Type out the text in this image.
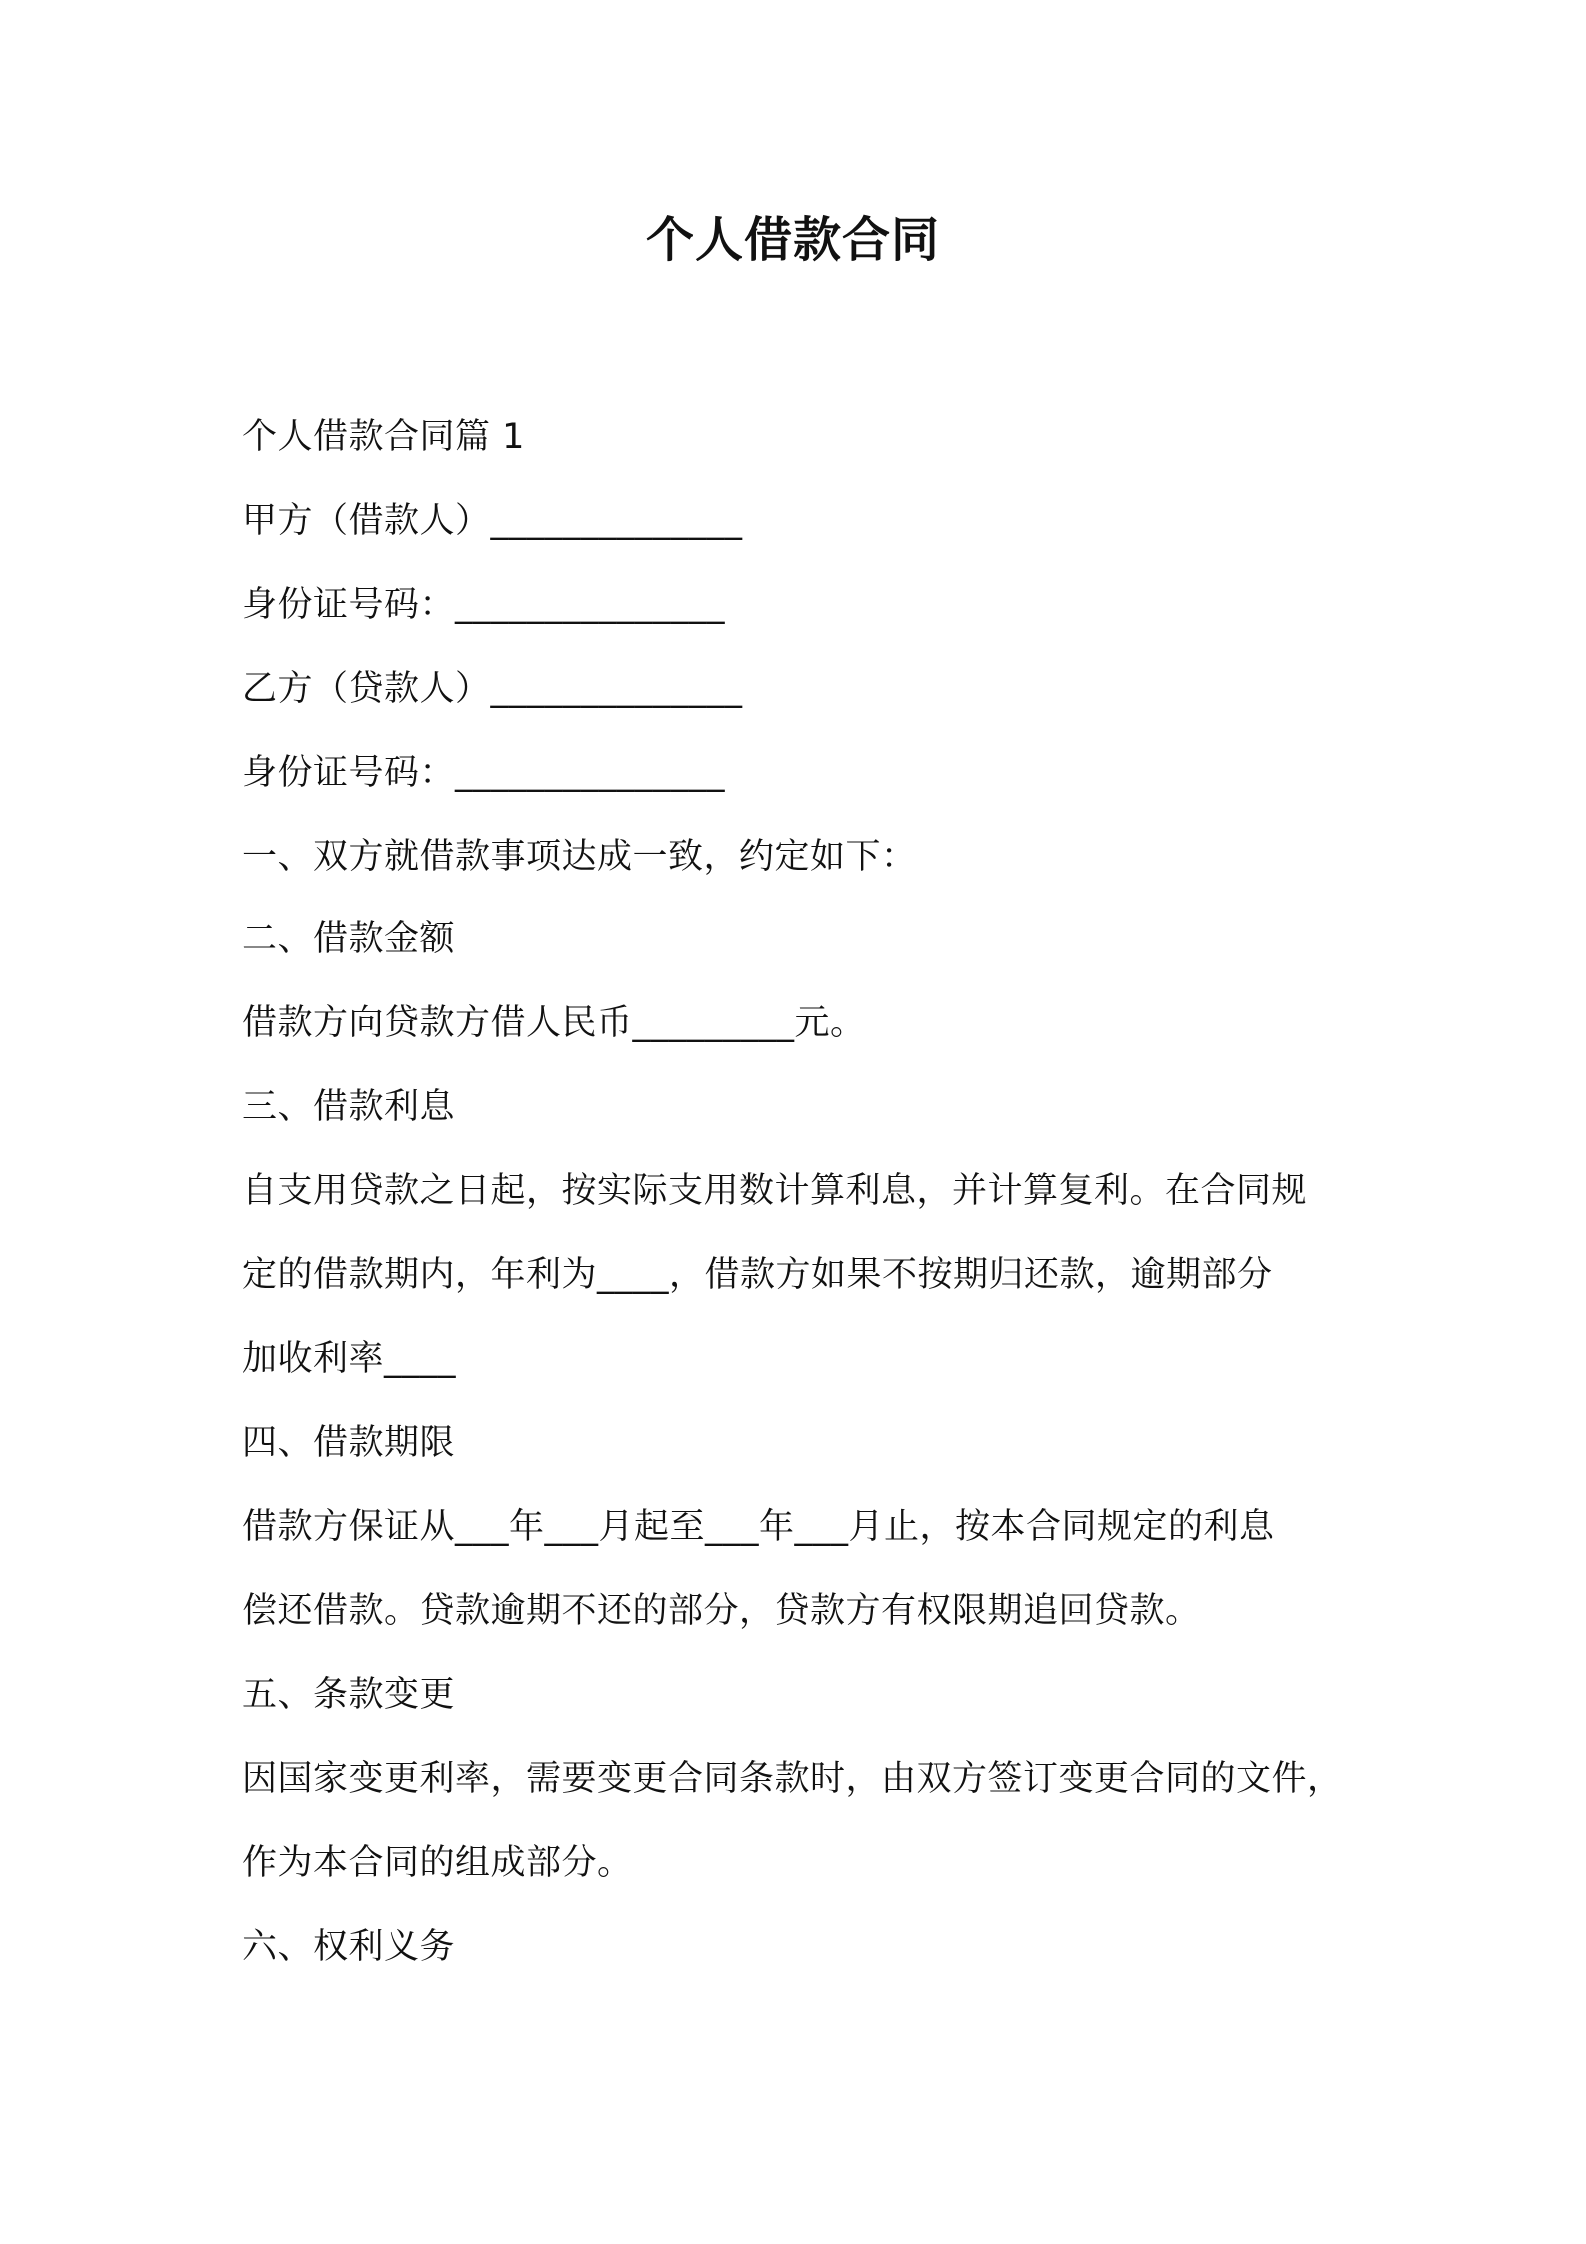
个人借款合同
个人借款合同篇 1
甲方（借款人）______________
身份证号码：_______________
乙方（贷款人）______________
身份证号码：_______________
一、双方就借款事项达成一致，约定如下：
二、借款金额
借款方向贷款方借人民币_________元。
三、借款利息
自支用贷款之日起，按实际支用数计算利息，并计算复利。在合同规
定的借款期内，年利为____，借款方如果不按期归还款，逾期部分
加收利率____
四、借款期限
借款方保证从___年___月起至___年___月止，按本合同规定的利息
偿还借款。贷款逾期不还的部分，贷款方有权限期追回贷款。
五、条款变更
因国家变更利率，需要变更合同条款时，由双方签订变更合同的文件，
作为本合同的组成部分。
六、权利义务
